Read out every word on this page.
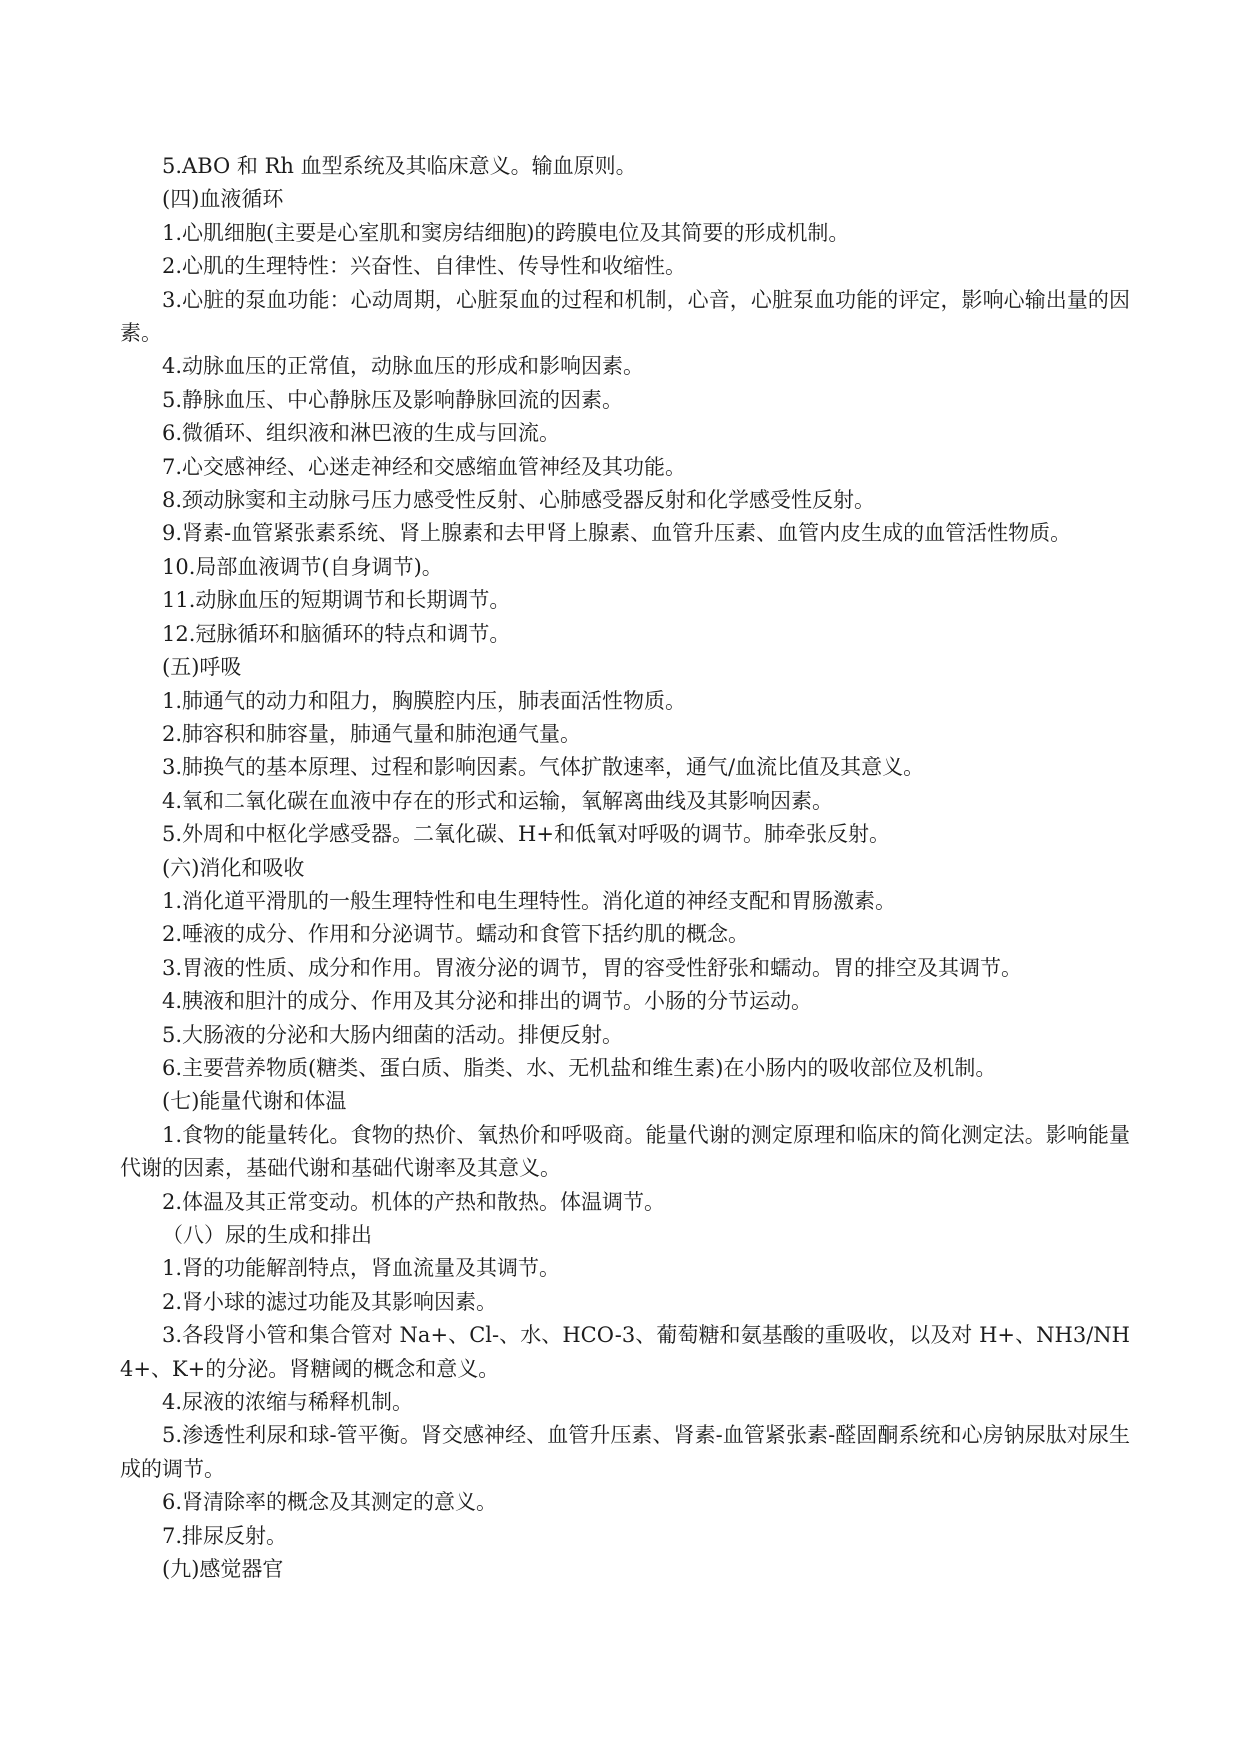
5.ABO 和 Rh 血型系统及其临床意义。输血原则。

(四)血液循环

1.心肌细胞(主要是心室肌和窦房结细胞)的跨膜电位及其简要的形成机制。

2.心肌的生理特性：兴奋性、自律性、传导性和收缩性。

3.心脏的泵血功能：心动周期，心脏泵血的过程和机制，心音，心脏泵血功能的评定，影响心输出量的因素。

4.动脉血压的正常值，动脉血压的形成和影响因素。

5.静脉血压、中心静脉压及影响静脉回流的因素。

6.微循环、组织液和淋巴液的生成与回流。

7.心交感神经、心迷走神经和交感缩血管神经及其功能。

8.颈动脉窦和主动脉弓压力感受性反射、心肺感受器反射和化学感受性反射。

9.肾素-血管紧张素系统、肾上腺素和去甲肾上腺素、血管升压素、血管内皮生成的血管活性物质。

10.局部血液调节(自身调节)。

11.动脉血压的短期调节和长期调节。

12.冠脉循环和脑循环的特点和调节。

(五)呼吸

1.肺通气的动力和阻力，胸膜腔内压，肺表面活性物质。

2.肺容积和肺容量，肺通气量和肺泡通气量。

3.肺换气的基本原理、过程和影响因素。气体扩散速率，通气/血流比值及其意义。

4.氧和二氧化碳在血液中存在的形式和运输，氧解离曲线及其影响因素。

5.外周和中枢化学感受器。二氧化碳、H+和低氧对呼吸的调节。肺牵张反射。

(六)消化和吸收

1.消化道平滑肌的一般生理特性和电生理特性。消化道的神经支配和胃肠激素。

2.唾液的成分、作用和分泌调节。蠕动和食管下括约肌的概念。

3.胃液的性质、成分和作用。胃液分泌的调节，胃的容受性舒张和蠕动。胃的排空及其调节。

4.胰液和胆汁的成分、作用及其分泌和排出的调节。小肠的分节运动。

5.大肠液的分泌和大肠内细菌的活动。排便反射。

6.主要营养物质(糖类、蛋白质、脂类、水、无机盐和维生素)在小肠内的吸收部位及机制。

(七)能量代谢和体温

1.食物的能量转化。食物的热价、氧热价和呼吸商。能量代谢的测定原理和临床的简化测定法。影响能量代谢的因素，基础代谢和基础代谢率及其意义。

2.体温及其正常变动。机体的产热和散热。体温调节。

（八）尿的生成和排出

1.肾的功能解剖特点，肾血流量及其调节。

2.肾小球的滤过功能及其影响因素。

3.各段肾小管和集合管对 Na+、Cl-、水、HCO-3、葡萄糖和氨基酸的重吸收，以及对 H+、NH3/NH4+、K+的分泌。肾糖阈的概念和意义。

4.尿液的浓缩与稀释机制。

5.渗透性利尿和球-管平衡。肾交感神经、血管升压素、肾素-血管紧张素-醛固酮系统和心房钠尿肽对尿生成的调节。

6.肾清除率的概念及其测定的意义。

7.排尿反射。

(九)感觉器官
